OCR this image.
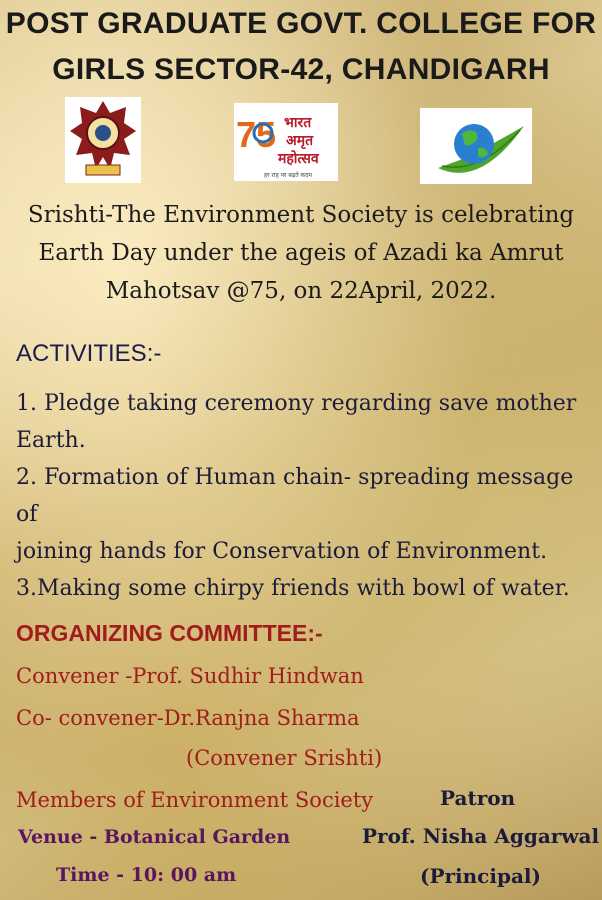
POST GRADUATE GOVT. COLLEGE FOR
GIRLS SECTOR-42, CHANDIGARH
75 भारत
अमृत
महोत्सव
हर राह पर बढ़ते कदम
Srishti-The Environment Society is celebrating
Earth Day under the ageis of Azadi ka Amrut
Mahotsav @75, on 22April, 2022.
ACTIVITIES:-
1. Pledge taking ceremony regarding save mother
Earth.
2. Formation of Human chain- spreading message of
joining hands for Conservation of Environment.
3.Making some chirpy friends with bowl of water.
ORGANIZING COMMITTEE:-
Convener -Prof. Sudhir Hindwan
Co- convener-Dr.Ranjna Sharma
(Convener Srishti)
Members of Environment Society
Venue - Botanical Garden
Time - 10: 00 am
Patron
Prof. Nisha Aggarwal
(Principal)
